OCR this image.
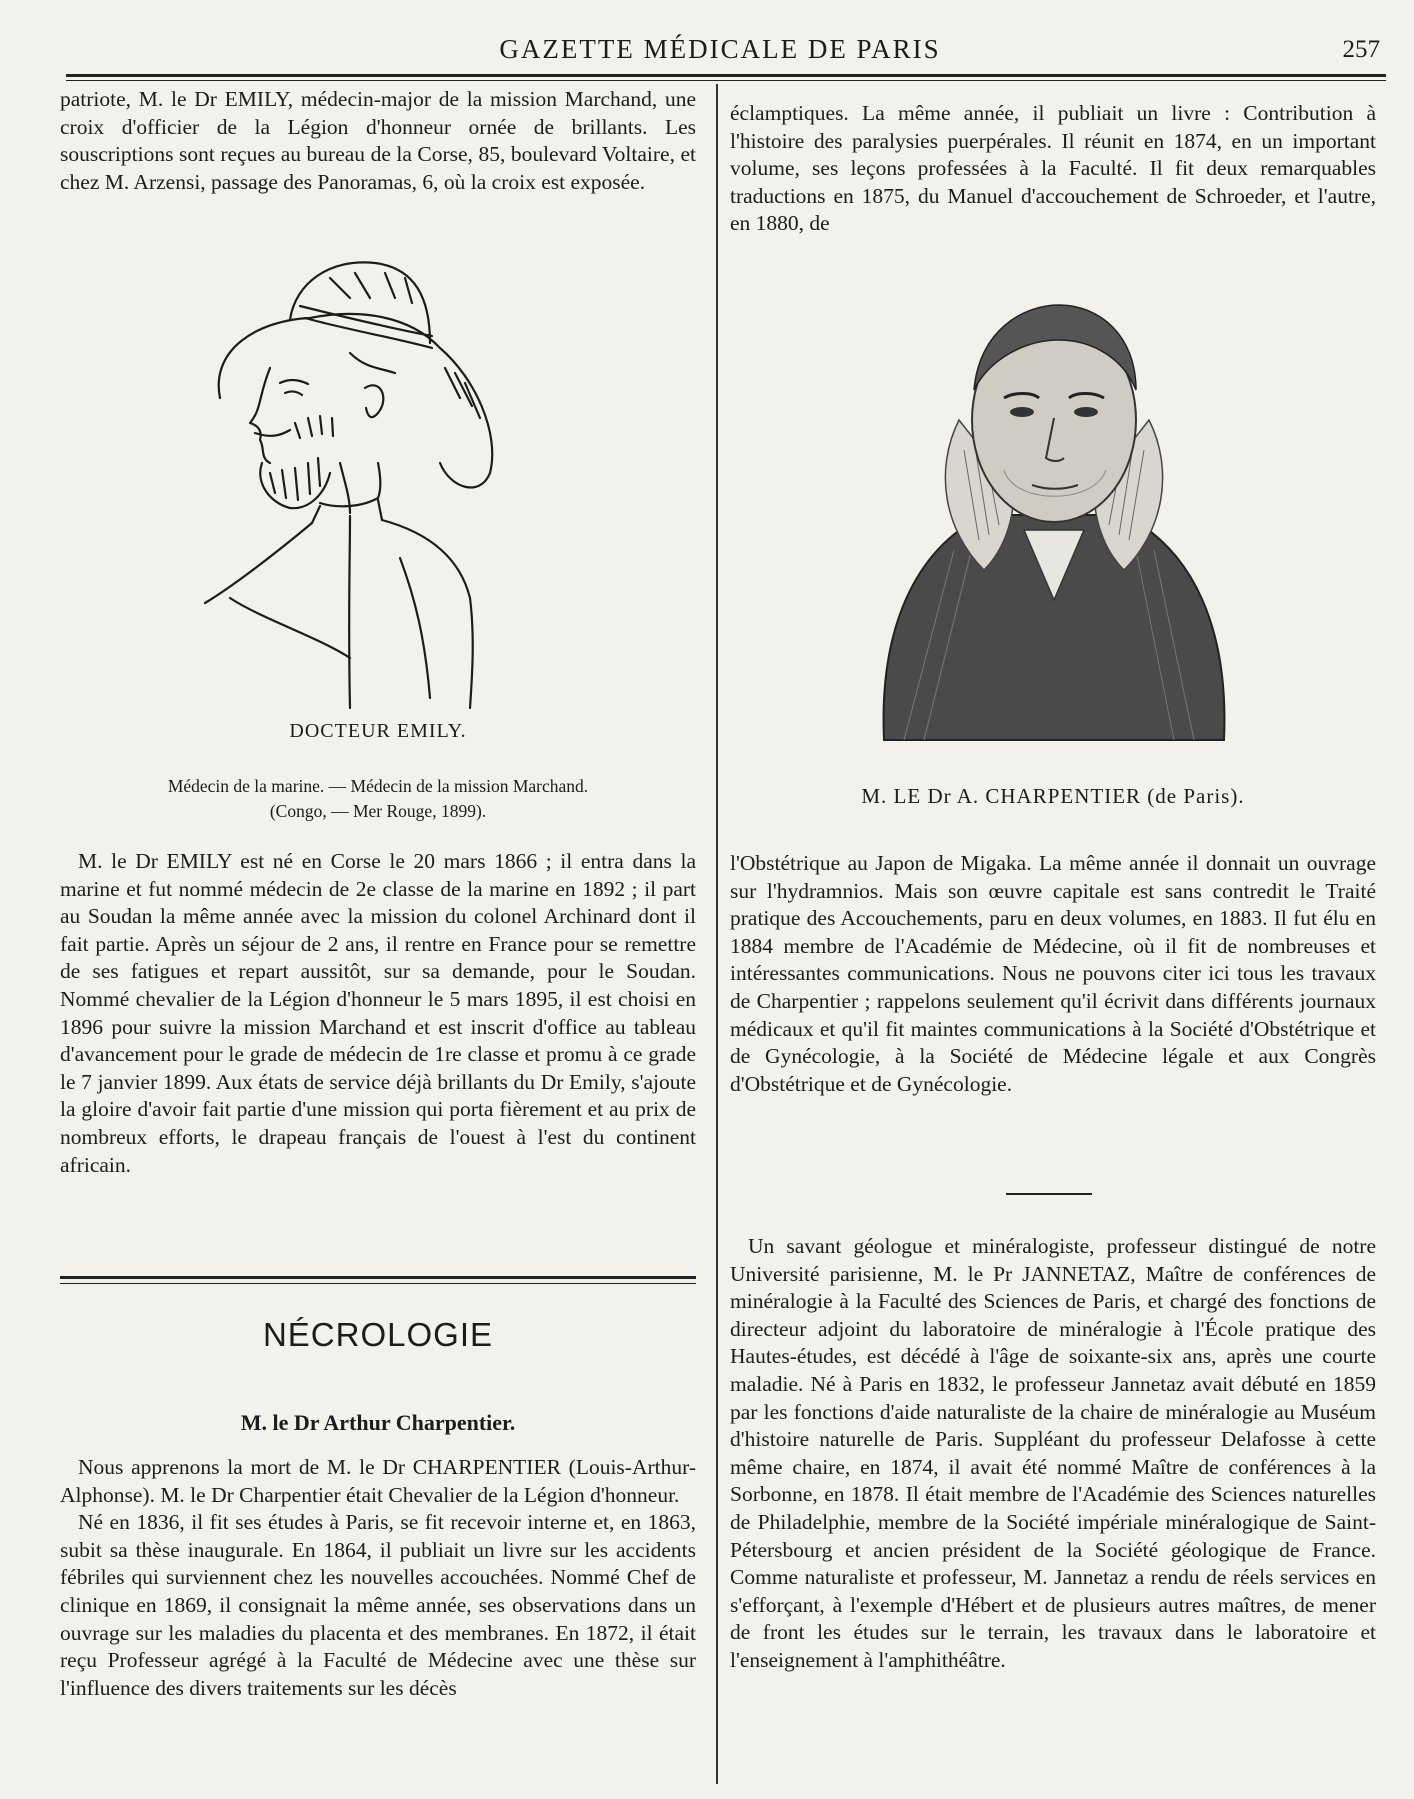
GAZETTE MÉDICALE DE PARIS	257

patriote, M. le Dr EMILY, médecin-major de la mission Marchand, une croix d'officier de la Légion d'honneur ornée de brillants. Les souscriptions sont reçues au bureau de la Corse, 85, boulevard Voltaire, et chez M. Arzensi, passage des Panoramas, 6, où la croix est exposée.

DOCTEUR EMILY.
Médecin de la marine. — Médecin de la mission Marchand.
(Congo, — Mer Rouge, 1899).

M. le Dr EMILY est né en Corse le 20 mars 1866 ; il entra dans la marine et fut nommé médecin de 2e classe de la marine en 1892 ; il part au Soudan la même année avec la mission du colonel Archinard dont il fait partie. Après un séjour de 2 ans, il rentre en France pour se remettre de ses fatigues et repart aussitôt, sur sa demande, pour le Soudan. Nommé chevalier de la Légion d'honneur le 5 mars 1895, il est choisi en 1896 pour suivre la mission Marchand et est inscrit d'office au tableau d'avancement pour le grade de médecin de 1re classe et promu à ce grade le 7 janvier 1899. Aux états de service déjà brillants du Dr Emily, s'ajoute la gloire d'avoir fait partie d'une mission qui porta fièrement et au prix de nombreux efforts, le drapeau français de l'ouest à l'est du continent africain.

NÉCROLOGIE
M. le Dr Arthur Charpentier.

Nous apprenons la mort de M. le Dr CHARPENTIER (Louis-Arthur-Alphonse). M. le Dr Charpentier était Chevalier de la Légion d'honneur.

Né en 1836, il fit ses études à Paris, se fit recevoir interne et, en 1863, subit sa thèse inaugurale. En 1864, il publiait un livre sur les accidents fébriles qui surviennent chez les nouvelles accouchées. Nommé Chef de clinique en 1869, il consignait la même année, ses observations dans un ouvrage sur les maladies du placenta et des membranes. En 1872, il était reçu Professeur agrégé à la Faculté de Médecine avec une thèse sur l'influence des divers traitements sur les décès

éclamptiques. La même année, il publiait un livre : Contribution à l'histoire des paralysies puerpérales. Il réunit en 1874, en un important volume, ses leçons professées à la Faculté. Il fit deux remarquables traductions en 1875, du Manuel d'accouchement de Schroeder, et l'autre, en 1880, de

M. LE Dr A. CHARPENTIER (de Paris).

l'Obstétrique au Japon de Migaka. La même année il donnait un ouvrage sur l'hydramnios. Mais son œuvre capitale est sans contredit le Traité pratique des Accouchements, paru en deux volumes, en 1883. Il fut élu en 1884 membre de l'Académie de Médecine, où il fit de nombreuses et intéressantes communications. Nous ne pouvons citer ici tous les travaux de Charpentier ; rappelons seulement qu'il écrivit dans différents journaux médicaux et qu'il fit maintes communications à la Société d'Obstétrique et de Gynécologie, à la Société de Médecine légale et aux Congrès d'Obstétrique et de Gynécologie.

Un savant géologue et minéralogiste, professeur distingué de notre Université parisienne, M. le Pr JANNETAZ, Maître de conférences de minéralogie à la Faculté des Sciences de Paris, et chargé des fonctions de directeur adjoint du laboratoire de minéralogie à l'École pratique des Hautes-études, est décédé à l'âge de soixante-six ans, après une courte maladie. Né à Paris en 1832, le professeur Jannetaz avait débuté en 1859 par les fonctions d'aide naturaliste de la chaire de minéralogie au Muséum d'histoire naturelle de Paris. Suppléant du professeur Delafosse à cette même chaire, en 1874, il avait été nommé Maître de conférences à la Sorbonne, en 1878. Il était membre de l'Académie des Sciences naturelles de Philadelphie, membre de la Société impériale minéralogique de Saint-Pétersbourg et ancien président de la Société géologique de France. Comme naturaliste et professeur, M. Jannetaz a rendu de réels services en s'efforçant, à l'exemple d'Hébert et de plusieurs autres maîtres, de mener de front les études sur le terrain, les travaux dans le laboratoire et l'enseignement à l'amphithéâtre.
